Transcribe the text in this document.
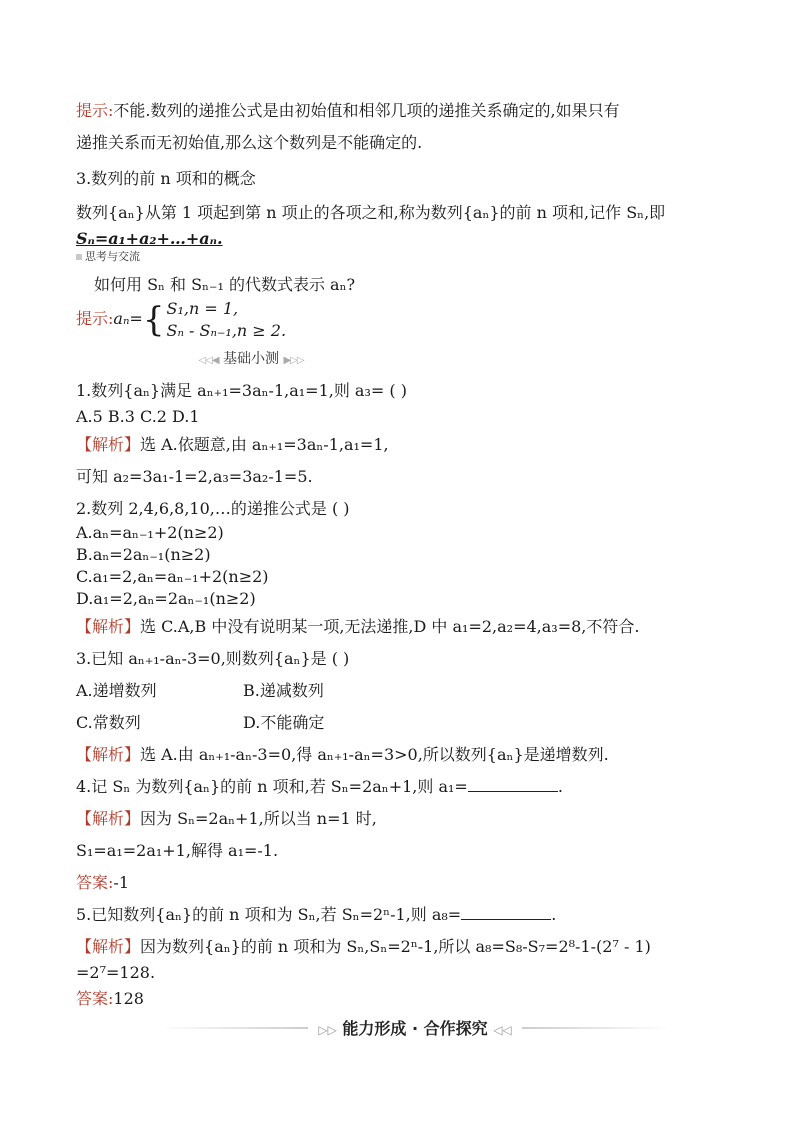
提示:不能.数列的递推公式是由初始值和相邻几项的递推关系确定的,如果只有
递推关系而无初始值,那么这个数列是不能确定的.
3.数列的前 n 项和的概念
数列{aₙ}从第 1 项起到第 n 项止的各项之和,称为数列{aₙ}的前 n 项和,记作 Sₙ,即
Sₙ=a₁+a₂+…+aₙ.
思考与交流
如何用 Sₙ 和 Sₙ₋₁ 的代数式表示 aₙ?
提示:aₙ={ S₁,n = 1,
Sₙ - Sₙ₋₁,n ≥ 2.
◁◁◀ 基础小测 ▶▷▷
1.数列{aₙ}满足 aₙ₊₁=3aₙ-1,a₁=1,则 a₃= ( )
A.5 B.3 C.2 D.1
【解析】选 A.依题意,由 aₙ₊₁=3aₙ-1,a₁=1,
可知 a₂=3a₁-1=2,a₃=3a₂-1=5.
2.数列 2,4,6,8,10,…的递推公式是 ( )
A.aₙ=aₙ₋₁+2(n≥2)
B.aₙ=2aₙ₋₁(n≥2)
C.a₁=2,aₙ=aₙ₋₁+2(n≥2)
D.a₁=2,aₙ=2aₙ₋₁(n≥2)
【解析】选 C.A,B 中没有说明某一项,无法递推,D 中 a₁=2,a₂=4,a₃=8,不符合.
3.已知 aₙ₊₁-aₙ-3=0,则数列{aₙ}是 ( )
A.递增数列	B.递减数列
C.常数列	D.不能确定
【解析】选 A.由 aₙ₊₁-aₙ-3=0,得 aₙ₊₁-aₙ=3>0,所以数列{aₙ}是递增数列.
4.记 Sₙ 为数列{aₙ}的前 n 项和,若 Sₙ=2aₙ+1,则 a₁=	.
【解析】因为 Sₙ=2aₙ+1,所以当 n=1 时,
S₁=a₁=2a₁+1,解得 a₁=-1.
答案:-1
5.已知数列{aₙ}的前 n 项和为 Sₙ,若 Sₙ=2ⁿ-1,则 a₈=	.
【解析】因为数列{aₙ}的前 n 项和为 Sₙ,Sₙ=2ⁿ-1,所以 a₈=S₈-S₇=2⁸-1-(2⁷ - 1)
=2⁷=128.
答案:128
▷▷ 能力形成 · 合作探究 ◁◁
